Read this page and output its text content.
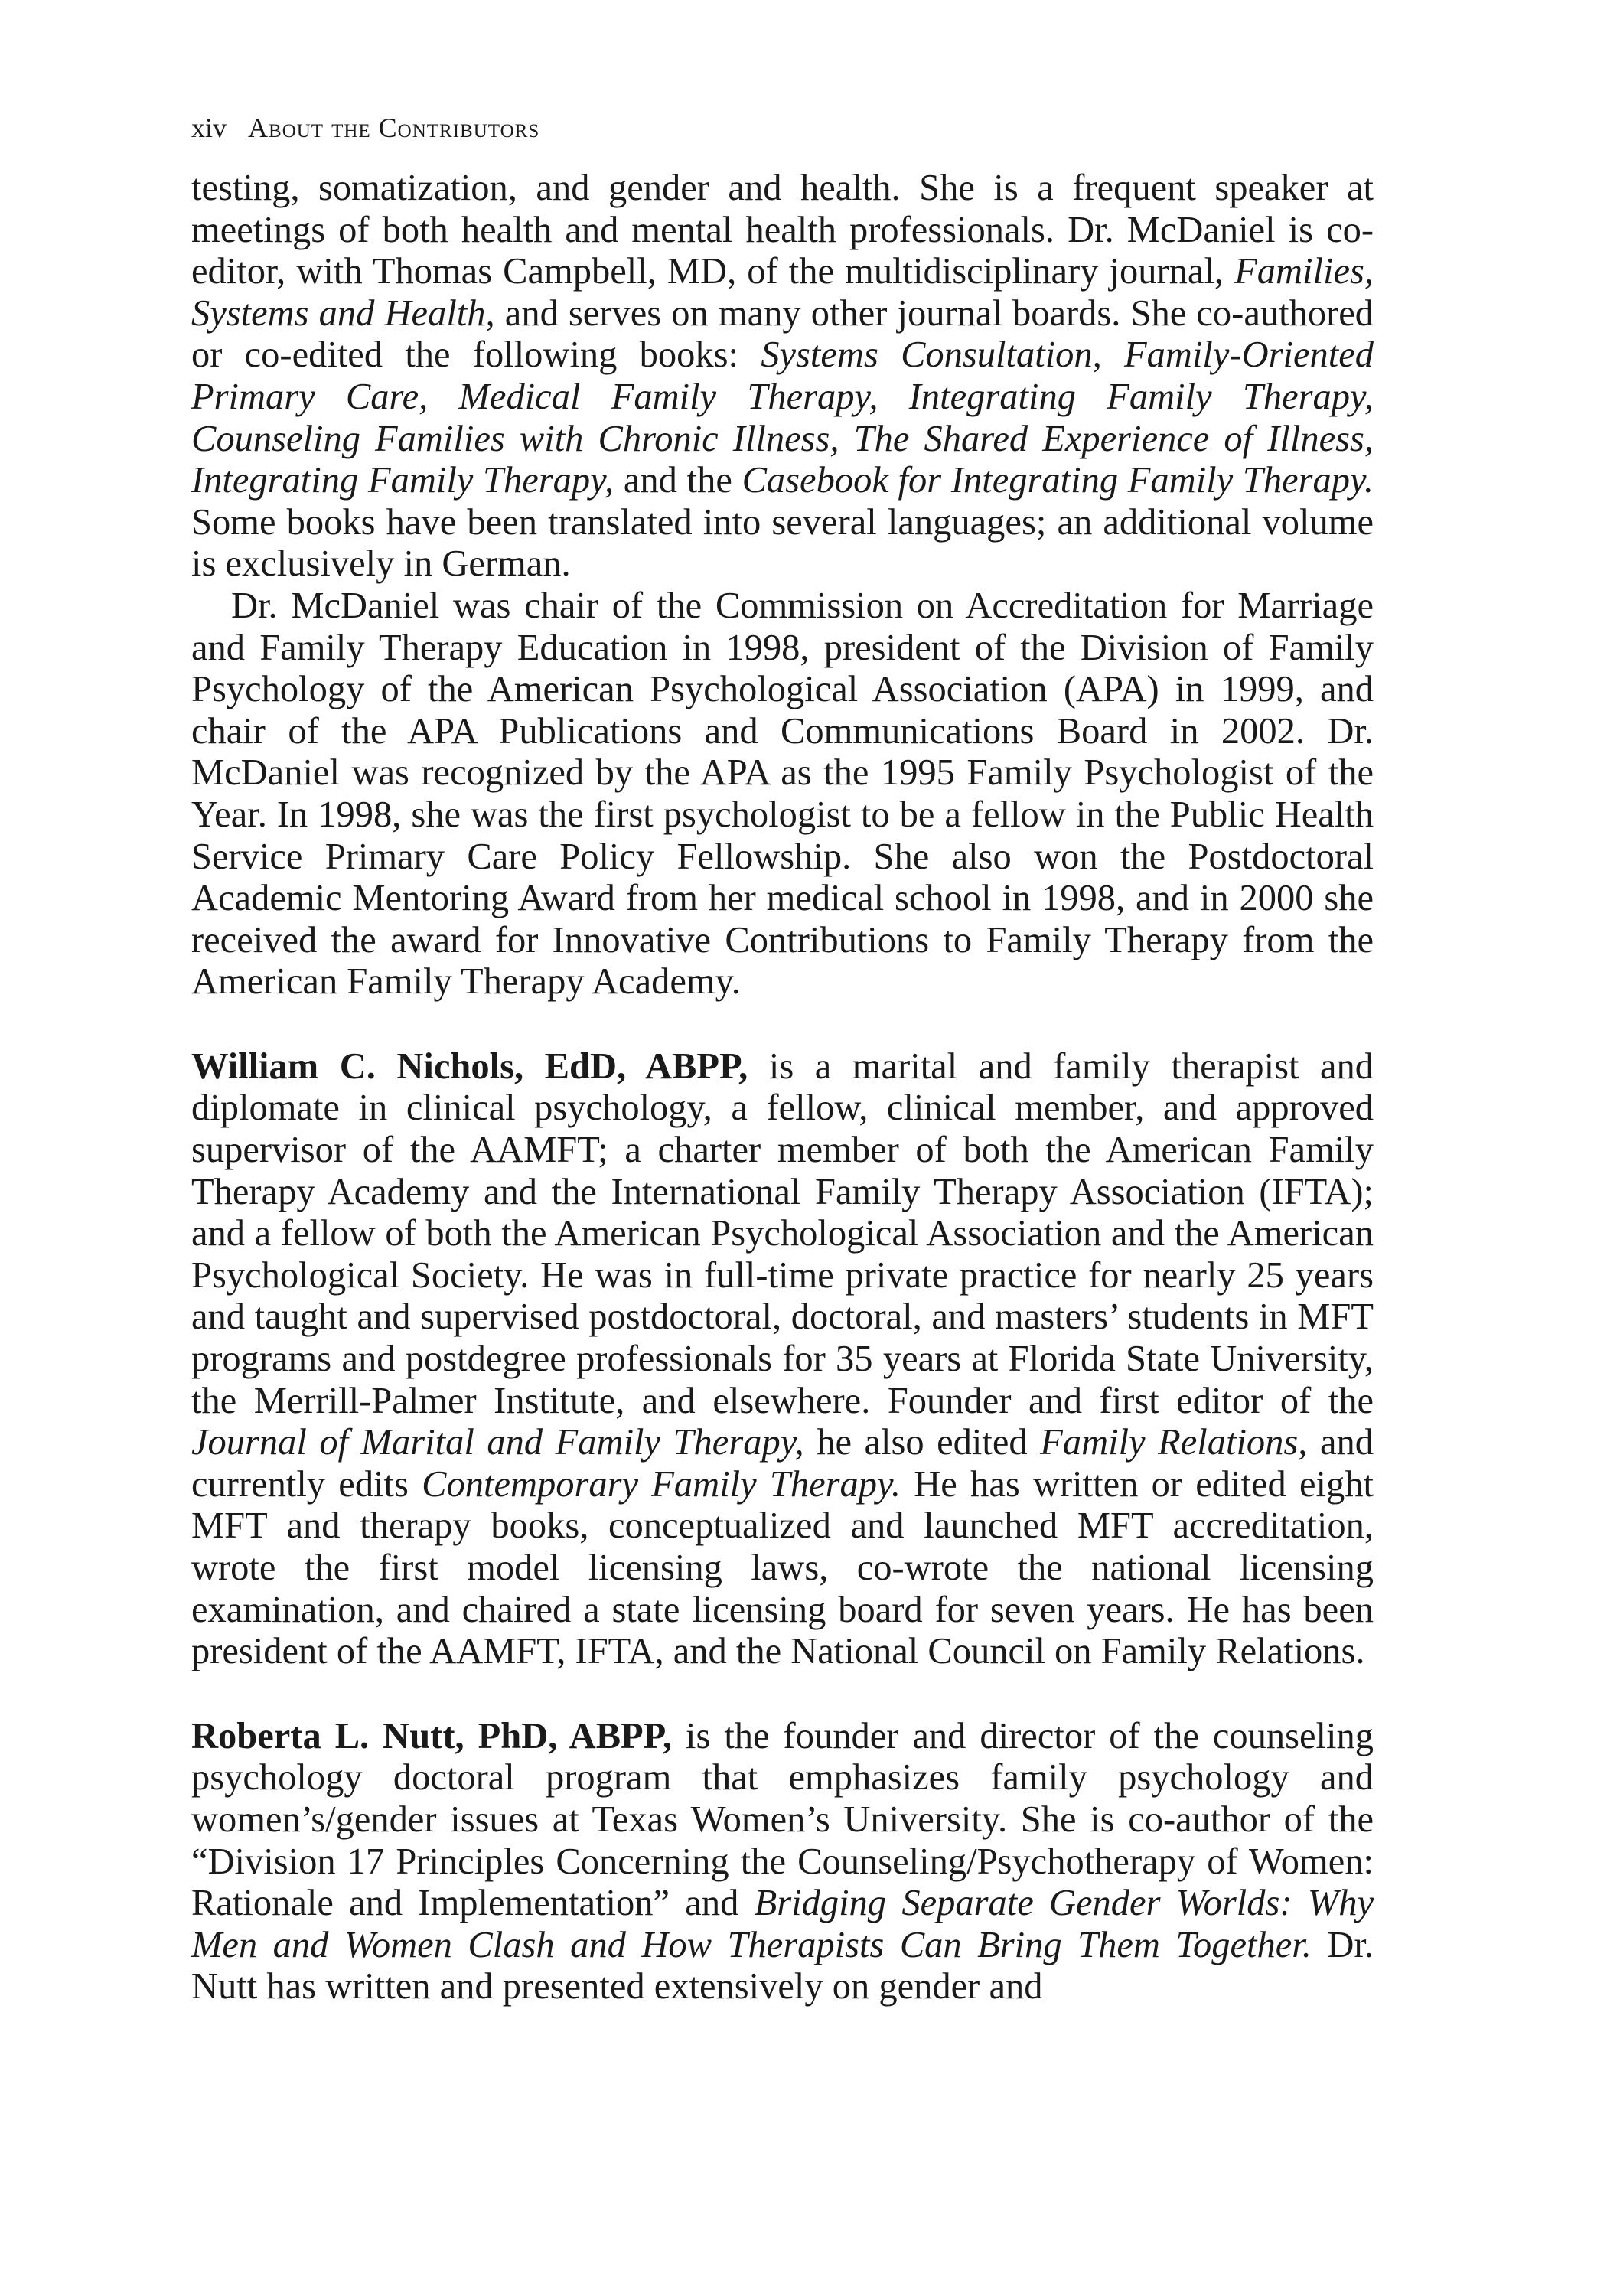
xiv About the Contributors

testing, somatization, and gender and health. She is a frequent speaker at meetings of both health and mental health professionals. Dr. McDaniel is co-editor, with Thomas Campbell, MD, of the multidisciplinary journal, Families, Systems and Health, and serves on many other journal boards. She co-authored or co-edited the following books: Systems Consultation, Family-Oriented Primary Care, Medical Family Therapy, Integrating Family Therapy, Counseling Families with Chronic Illness, The Shared Experience of Illness, Integrating Family Therapy, and the Casebook for Integrating Family Therapy. Some books have been translated into several languages; an additional volume is exclusively in German.

Dr. McDaniel was chair of the Commission on Accreditation for Marriage and Family Therapy Education in 1998, president of the Division of Family Psychology of the American Psychological Association (APA) in 1999, and chair of the APA Publications and Communications Board in 2002. Dr. McDaniel was recognized by the APA as the 1995 Family Psychologist of the Year. In 1998, she was the first psychologist to be a fellow in the Public Health Service Primary Care Policy Fellowship. She also won the Postdoctoral Academic Mentoring Award from her medical school in 1998, and in 2000 she received the award for Innovative Contributions to Family Therapy from the American Family Therapy Academy.

William C. Nichols, EdD, ABPP, is a marital and family therapist and diplomate in clinical psychology, a fellow, clinical member, and approved supervisor of the AAMFT; a charter member of both the American Family Therapy Academy and the International Family Therapy Association (IFTA); and a fellow of both the American Psychological Association and the American Psychological Society. He was in full-time private practice for nearly 25 years and taught and supervised postdoctoral, doctoral, and masters’ students in MFT programs and postdegree professionals for 35 years at Florida State University, the Merrill-Palmer Institute, and elsewhere. Founder and first editor of the Journal of Marital and Family Therapy, he also edited Family Relations, and currently edits Contemporary Family Therapy. He has written or edited eight MFT and therapy books, conceptualized and launched MFT accreditation, wrote the first model licensing laws, co-wrote the national licensing examination, and chaired a state licensing board for seven years. He has been president of the AAMFT, IFTA, and the National Council on Family Relations.

Roberta L. Nutt, PhD, ABPP, is the founder and director of the counseling psychology doctoral program that emphasizes family psychology and women’s/gender issues at Texas Women’s University. She is co-author of the “Division 17 Principles Concerning the Counseling/Psychotherapy of Women: Rationale and Implementation” and Bridging Separate Gender Worlds: Why Men and Women Clash and How Therapists Can Bring Them Together. Dr. Nutt has written and presented extensively on gender and
